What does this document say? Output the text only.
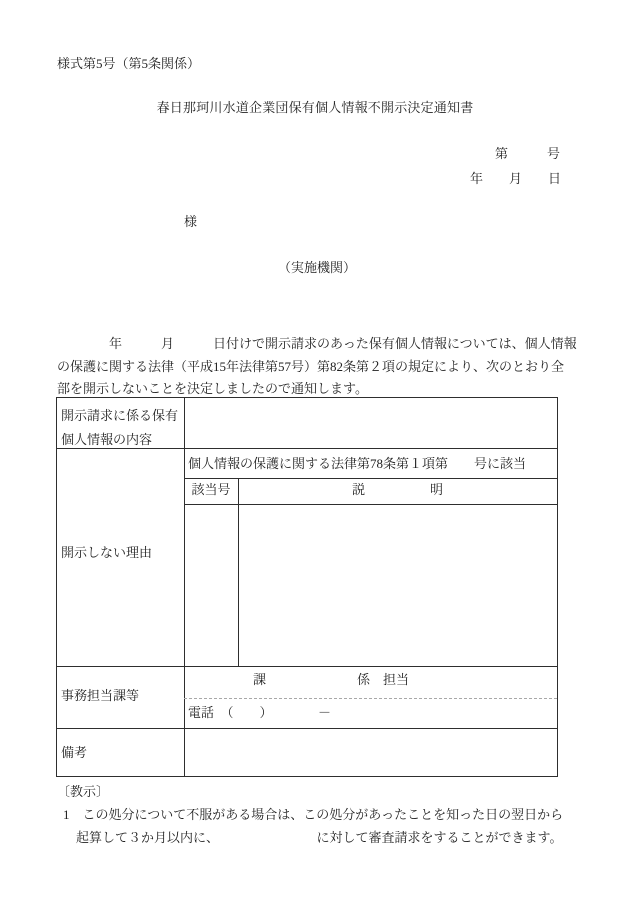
様式第5号（第5条関係）
春日那珂川水道企業団保有個人情報不開示決定通知書
第　　　号
年　　月　　日
様
（実施機関）
　　　　年　　　月　　　日付けで開示請求のあった保有個人情報については、個人情報
の保護に関する法律（平成15年法律第57号）第82条第２項の規定により、次のとおり全
部を開示しないことを決定しましたので通知します。
開示請求に係る保有個人情報の内容
開示しない理由
個人情報の保護に関する法律第78条第１項第　　号に該当
該当号	説　　　　　明
事務担当課等
　　　　　課　　　　　　　係　担当
電話　（　　）　　　　－
備考
〔教示〕
1　この処分について不服がある場合は、この処分があったことを知った日の翌日から
　起算して３か月以内に、　　　　　　　　に対して審査請求をすることができます。
